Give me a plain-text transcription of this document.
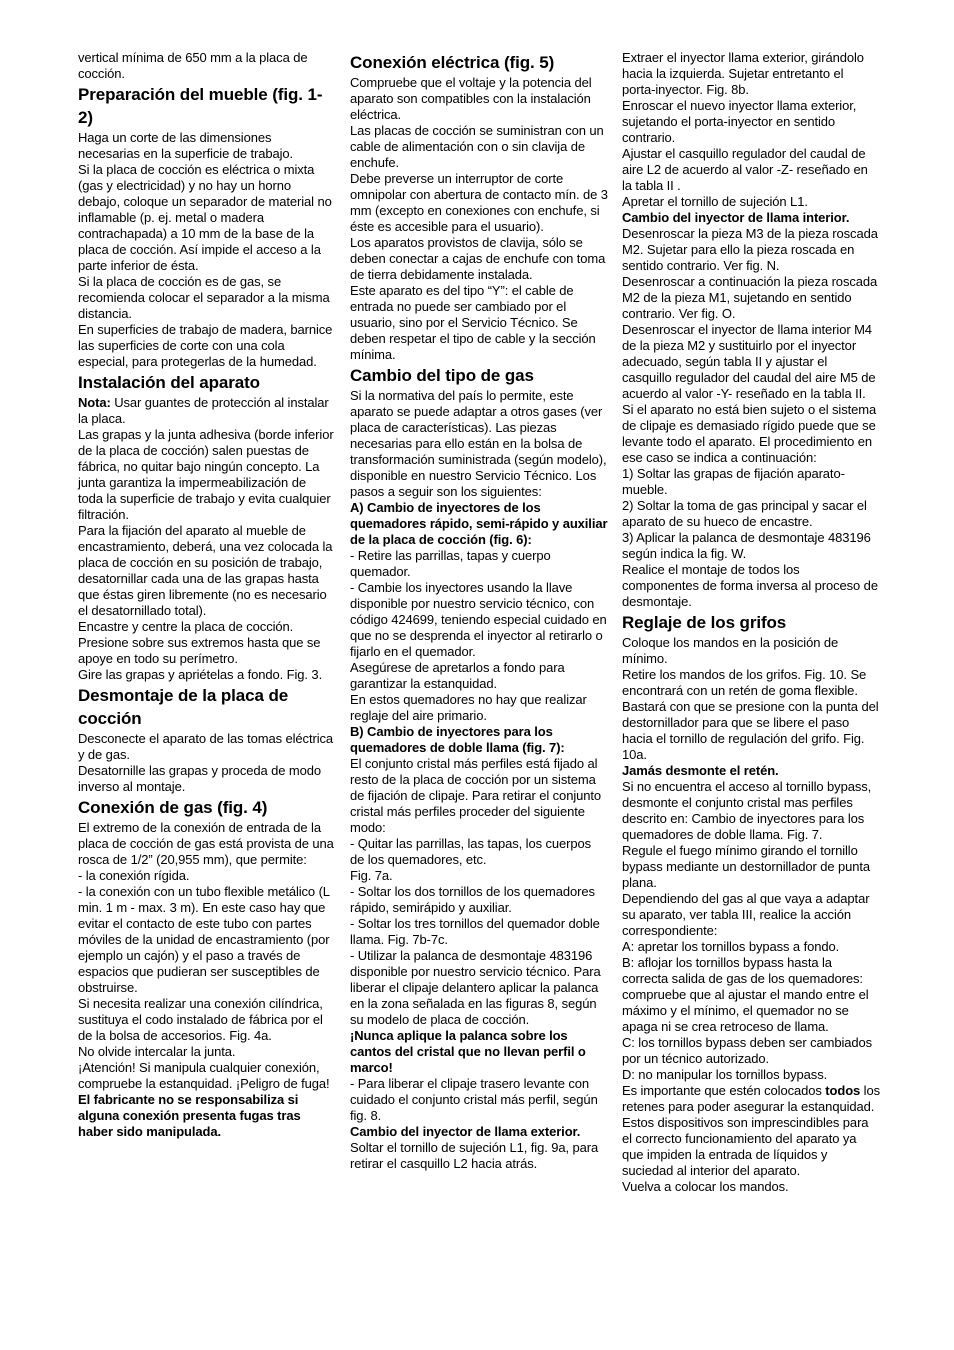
vertical mínima de 650 mm a la placa de cocción.

Preparación del mueble (fig. 1-2)

Haga un corte de las dimensiones necesarias en la superficie de trabajo.

Si la placa de cocción es eléctrica o mixta (gas y electricidad) y no hay un horno debajo, coloque un separador de material no inflamable (p. ej. metal o madera contrachapada) a 10 mm de la base de la placa de cocción. Así impide el acceso a la parte inferior de ésta.

Si la placa de cocción es de gas, se recomienda colocar el separador a la misma distancia.

En superficies de trabajo de madera, barnice las superficies de corte con una cola especial, para protegerlas de la humedad.

Instalación del aparato

Nota: Usar guantes de protección al instalar la placa.

Las grapas y la junta adhesiva (borde inferior de la placa de cocción) salen puestas de fábrica, no quitar bajo ningún concepto. La junta garantiza la impermeabilización de toda la superficie de trabajo y evita cualquier filtración.

Para la fijación del aparato al mueble de encastramiento, deberá, una vez colocada la placa de cocción en su posición de trabajo, desatornillar cada una de las grapas hasta que éstas giren libremente (no es necesario el desatornillado total).

Encastre y centre la placa de cocción. Presione sobre sus extremos hasta que se apoye en todo su perímetro.

Gire las grapas y apriételas a fondo. Fig. 3.

Desmontaje de la placa de cocción

Desconecte el aparato de las tomas eléctrica y de gas.

Desatornille las grapas y proceda de modo inverso al montaje.

Conexión de gas (fig. 4)

El extremo de la conexión de entrada de la placa de cocción de gas está provista de una rosca de 1/2” (20,955 mm), que permite:

- la conexión rígida.

- la conexión con un tubo flexible metálico (L min. 1 m - max. 3 m). En este caso hay que evitar el contacto de este tubo con partes móviles de la unidad de encastramiento (por ejemplo un cajón) y el paso a través de espacios que pudieran ser susceptibles de obstruirse.

Si necesita realizar una conexión cilíndrica, sustituya el codo instalado de fábrica por el de la bolsa de accesorios. Fig. 4a.

No olvide intercalar la junta.

¡Atención! Si manipula cualquier conexión, compruebe la estanquidad. ¡Peligro de fuga!

El fabricante no se responsabiliza si alguna conexión presenta fugas tras haber sido manipulada.

Conexión eléctrica (fig. 5)

Compruebe que el voltaje y la potencia del aparato son compatibles con la instalación eléctrica.

Las placas de cocción se suministran con un cable de alimentación con o sin clavija de enchufe.

Debe preverse un interruptor de corte omnipolar con abertura de contacto mín. de 3 mm (excepto en conexiones con enchufe, si éste es accesible para el usuario).

Los aparatos provistos de clavija, sólo se deben conectar a cajas de enchufe con toma de tierra debidamente instalada.

Este aparato es del tipo “Y”: el cable de entrada no puede ser cambiado por el usuario, sino por el Servicio Técnico. Se deben respetar el tipo de cable y la sección mínima.

Cambio del tipo de gas

Si la normativa del país lo permite, este aparato se puede adaptar a otros gases (ver placa de características). Las piezas necesarias para ello están en la bolsa de transformación suministrada (según modelo), disponible en nuestro Servicio Técnico. Los pasos a seguir son los siguientes:

A) Cambio de inyectores de los quemadores rápido, semi-rápido y auxiliar de la placa de cocción (fig. 6):

- Retire las parrillas, tapas y cuerpo quemador.

- Cambie los inyectores usando la llave disponible por nuestro servicio técnico, con código 424699, teniendo especial cuidado en que no se desprenda el inyector al retirarlo o fijarlo en el quemador.

Asegúrese de apretarlos a fondo para garantizar la estanquidad.

En estos quemadores no hay que realizar reglaje del aire primario.

B) Cambio de inyectores para los quemadores de doble llama (fig. 7):

El conjunto cristal más perfiles está fijado al resto de la placa de cocción por un sistema de fijación de clipaje. Para retirar el conjunto cristal más perfiles proceder del siguiente modo:

- Quitar las parrillas, las tapas, los cuerpos de los quemadores, etc.

Fig. 7a.

- Soltar los dos tornillos de los quemadores rápido, semirápido y auxiliar.

- Soltar los tres tornillos del quemador doble llama. Fig. 7b-7c.

- Utilizar la palanca de desmontaje 483196 disponible por nuestro servicio técnico. Para liberar el clipaje delantero aplicar la palanca en la zona señalada en las figuras 8, según su modelo de placa de cocción.

¡Nunca aplique la palanca sobre los cantos del cristal que no llevan perfil o marco!

- Para liberar el clipaje trasero levante con cuidado el conjunto cristal más perfil, según fig. 8.

Cambio del inyector de llama exterior.

Soltar el tornillo de sujeción L1, fig. 9a, para retirar el casquillo L2 hacia atrás.

Extraer el inyector llama exterior, girándolo hacia la izquierda. Sujetar entretanto el porta-inyector. Fig. 8b.

Enroscar el nuevo inyector llama exterior, sujetando el porta-inyector en sentido contrario.

Ajustar el casquillo regulador del caudal de aire L2 de acuerdo al valor -Z- reseñado en la tabla II .

Apretar el tornillo de sujeción L1.

Cambio del inyector de llama interior.

Desenroscar la pieza M3 de la pieza roscada M2. Sujetar para ello la pieza roscada en sentido contrario. Ver fig. N.

Desenroscar a continuación la pieza roscada M2 de la pieza M1, sujetando en sentido contrario. Ver fig. O.

Desenroscar el inyector de llama interior M4 de la pieza M2 y sustituirlo por el inyector adecuado, según tabla II y ajustar el casquillo regulador del caudal del aire M5 de acuerdo al valor -Y- reseñado en la tabla II.

Si el aparato no está bien sujeto o el sistema de clipaje es demasiado rígido puede que se levante todo el aparato. El procedimiento en ese caso se indica a continuación:

1) Soltar las grapas de fijación aparato-mueble.

2) Soltar la toma de gas principal y sacar el aparato de su hueco de encastre.

3) Aplicar la palanca de desmontaje 483196 según indica la fig. W.

Realice el montaje de todos los componentes de forma inversa al proceso de desmontaje.

Reglaje de los grifos

Coloque los mandos en la posición de mínimo.

Retire los mandos de los grifos. Fig. 10. Se encontrará con un retén de goma flexible. Bastará con que se presione con la punta del destornillador para que se libere el paso hacia el tornillo de regulación del grifo. Fig. 10a.

Jamás desmonte el retén.

Si no encuentra el acceso al tornillo bypass, desmonte el conjunto cristal mas perfiles descrito en: Cambio de inyectores para los quemadores de doble llama. Fig. 7.

Regule el fuego mínimo girando el tornillo bypass mediante un destornillador de punta plana.

Dependiendo del gas al que vaya a adaptar su aparato, ver tabla III, realice la acción correspondiente:

A: apretar los tornillos bypass a fondo.

B: aflojar los tornillos bypass hasta la correcta salida de gas de los quemadores: compruebe que al ajustar el mando entre el máximo y el mínimo, el quemador no se apaga ni se crea retroceso de llama.

C: los tornillos bypass deben ser cambiados por un técnico autorizado.

D: no manipular los tornillos bypass.

Es importante que estén colocados todos los retenes para poder asegurar la estanquidad. Estos dispositivos son imprescindibles para el correcto funcionamiento del aparato ya que impiden la entrada de líquidos y suciedad al interior del aparato.

Vuelva a colocar los mandos.
